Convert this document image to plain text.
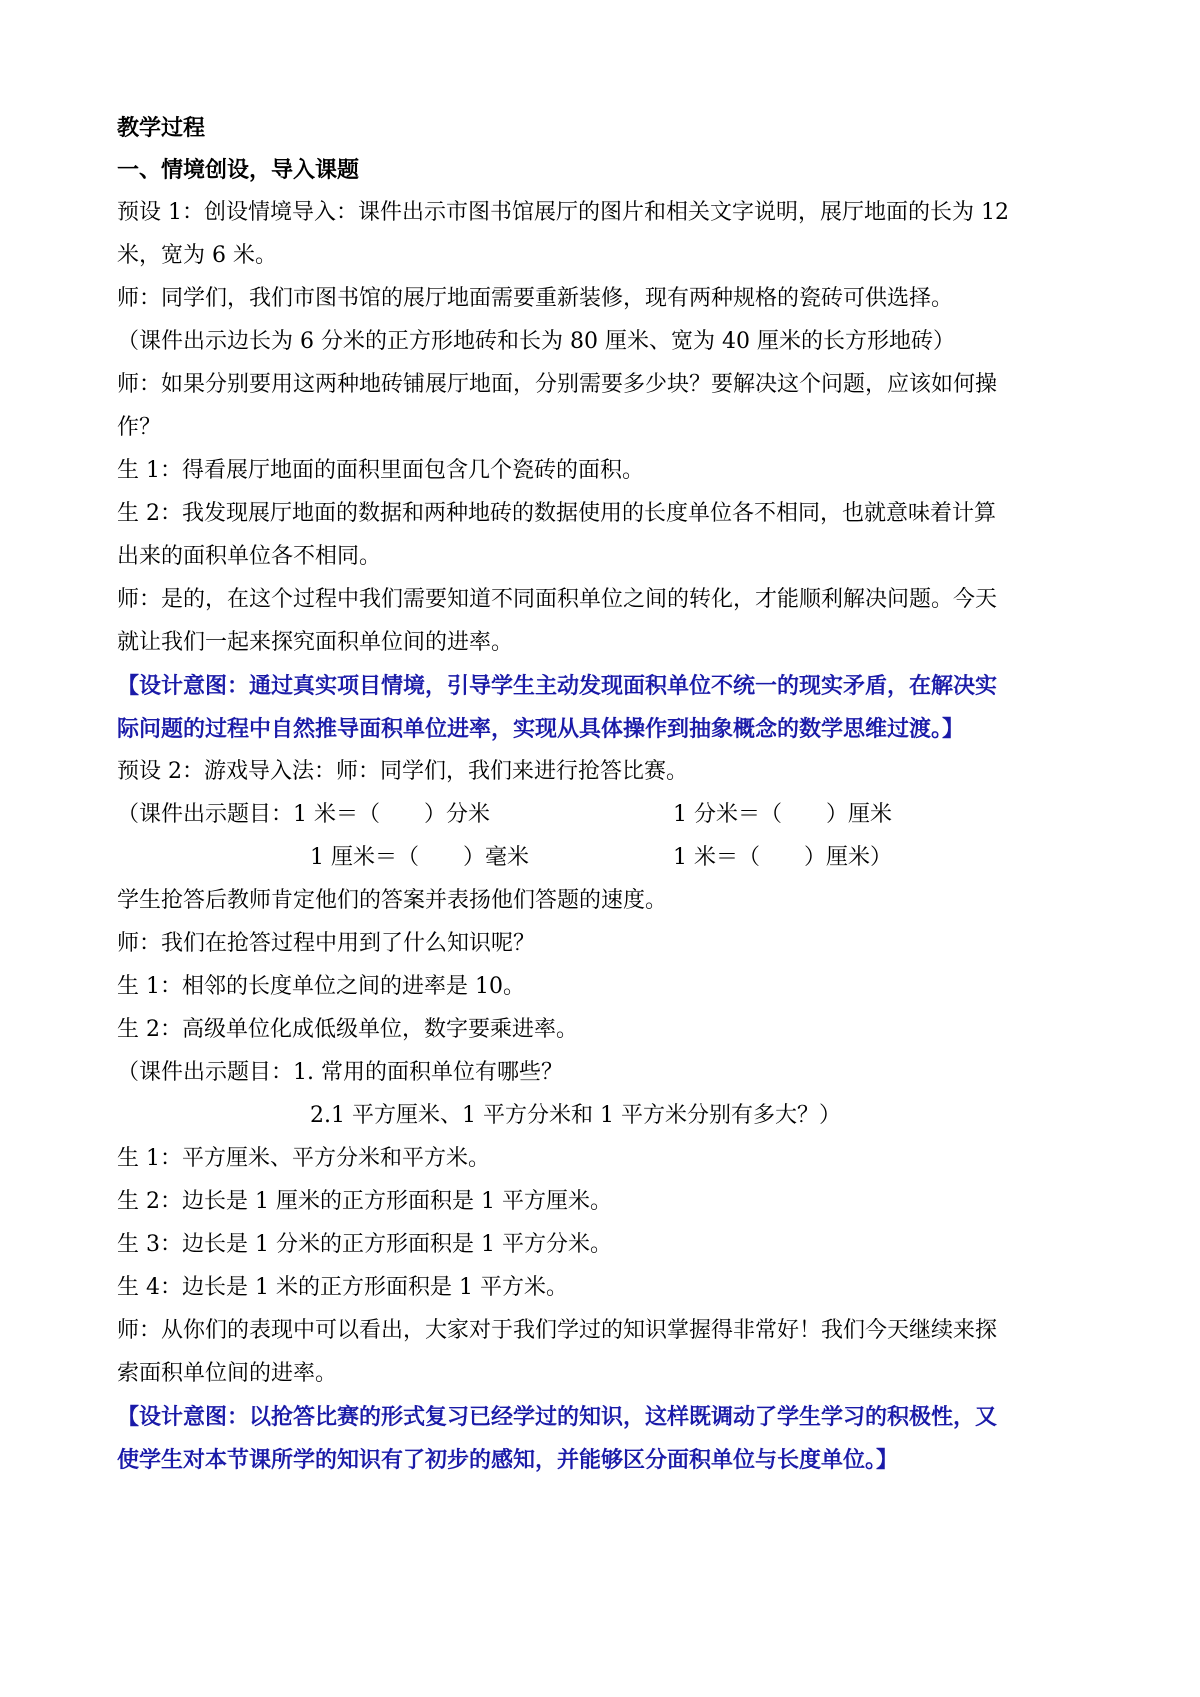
教学过程
一、情境创设，导入课题
预设 1：创设情境导入：课件出示市图书馆展厅的图片和相关文字说明，展厅地面的长为 12
米，宽为 6 米。
师：同学们，我们市图书馆的展厅地面需要重新装修，现有两种规格的瓷砖可供选择。
（课件出示边长为 6 分米的正方形地砖和长为 80 厘米、宽为 40 厘米的长方形地砖）
师：如果分别要用这两种地砖铺展厅地面，分别需要多少块？要解决这个问题，应该如何操
作？
生 1：得看展厅地面的面积里面包含几个瓷砖的面积。
生 2：我发现展厅地面的数据和两种地砖的数据使用的长度单位各不相同，也就意味着计算
出来的面积单位各不相同。
师：是的，在这个过程中我们需要知道不同面积单位之间的转化，才能顺利解决问题。今天
就让我们一起来探究面积单位间的进率。
【设计意图：通过真实项目情境，引导学生主动发现面积单位不统一的现实矛盾，在解决实
际问题的过程中自然推导面积单位进率，实现从具体操作到抽象概念的数学思维过渡。】
预设 2：游戏导入法：师：同学们，我们来进行抢答比赛。
（课件出示题目：1 米＝（　　）分米	1 分米＝（　　）厘米
1 厘米＝（　　）毫米	1 米＝（　　）厘米）
学生抢答后教师肯定他们的答案并表扬他们答题的速度。
师：我们在抢答过程中用到了什么知识呢？
生 1：相邻的长度单位之间的进率是 10。
生 2：高级单位化成低级单位，数字要乘进率。
（课件出示题目：1. 常用的面积单位有哪些？
2.1 平方厘米、1 平方分米和 1 平方米分别有多大？）
生 1：平方厘米、平方分米和平方米。
生 2：边长是 1 厘米的正方形面积是 1 平方厘米。
生 3：边长是 1 分米的正方形面积是 1 平方分米。
生 4：边长是 1 米的正方形面积是 1 平方米。
师：从你们的表现中可以看出，大家对于我们学过的知识掌握得非常好！我们今天继续来探
索面积单位间的进率。
【设计意图：以抢答比赛的形式复习已经学过的知识，这样既调动了学生学习的积极性，又
使学生对本节课所学的知识有了初步的感知，并能够区分面积单位与长度单位。】
